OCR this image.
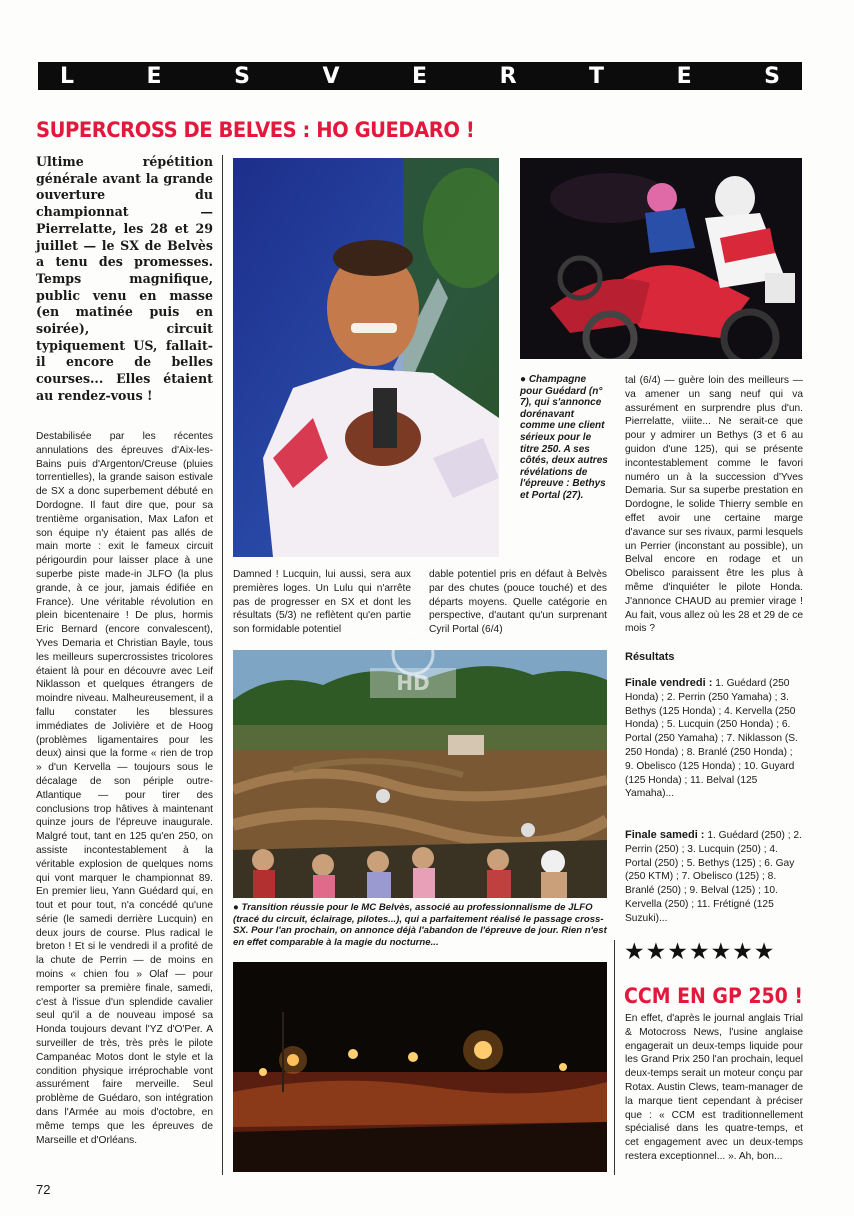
L	E	S	V	E	R	T	E	S
SUPERCROSS DE BELVES : HO GUEDARO !

Ultime répétition générale avant la grande ouverture du championnat — Pierrelatte, les 28 et 29 juillet — le SX de Belvès a tenu des promesses. Temps magnifique, public venu en masse (en matinée puis en soirée), circuit typiquement US, fallait-il encore de belles courses... Elles étaient au rendez-vous !

Destabilisée par les récentes annulations des épreuves d'Aix-les-Bains puis d'Argenton/Creuse (pluies torrentielles), la grande saison estivale de SX a donc superbement débuté en Dordogne. Il faut dire que, pour sa trentième organisation, Max Lafon et son équipe n'y étaient pas allés de main morte : exit le fameux circuit périgourdin pour laisser place à une superbe piste made-in JLFO (la plus grande, à ce jour, jamais édifiée en France). Une véritable révolution en plein bicentenaire ! De plus, hormis Eric Bernard (encore convalescent), Yves Demaria et Christian Bayle, tous les meilleurs supercrossistes tricolores étaient là pour en découvre avec Leif Niklasson et quelques étrangers de moindre niveau. Malheureusement, il a fallu constater les blessures immédiates de Jolivière et de Hoog (problèmes ligamentaires pour les deux) ainsi que la forme « rien de trop » d'un Kervella — toujours sous le décalage de son périple outre-Atlantique — pour tirer des conclusions trop hâtives à maintenant quinze jours de l'épreuve inaugurale. Malgré tout, tant en 125 qu'en 250, on assiste incontestablement à la véritable explosion de quelques noms qui vont marquer le championnat 89. En premier lieu, Yann Guédard qui, en tout et pour tout, n'a concédé qu'une série (le samedi derrière Lucquin) en deux jours de course. Plus radical le breton ! Et si le vendredi il a profité de la chute de Perrin — de moins en moins « chien fou » Olaf — pour remporter sa première finale, samedi, c'est à l'issue d'un splendide cavalier seul qu'il a de nouveau imposé sa Honda toujours devant l'YZ d'O'Per. A surveiller de très, très près le pilote Campanéac Motos dont le style et la condition physique irréprochable vont assurément faire merveille. Seul problème de Guédaro, son intégration dans l'Armée au mois d'octobre, en même temps que les épreuves de Marseille et d'Orléans.

● Champagne pour Guédard (n° 7), qui s'annonce dorénavant comme une client sérieux pour le titre 250. A ses côtés, deux autres révélations de l'épreuve : Bethys et Portal (27).

tal (6/4) — guère loin des meilleurs — va amener un sang neuf qui va assurément en surprendre plus d'un. Pierrelatte, viiite... Ne serait-ce que pour y admirer un Bethys (3 et 6 au guidon d'une 125), qui se présente incontestablement comme le favori numéro un à la succession d'Yves Demaria. Sur sa superbe prestation en Dordogne, le solide Thierry semble en effet avoir une certaine marge d'avance sur ses rivaux, parmi lesquels un Perrier (inconstant au possible), un Belval encore en rodage et un Obelisco paraissent être les plus à même d'inquiéter le pilote Honda. J'annonce CHAUD au premier virage ! Au fait, vous allez où les 28 et 29 de ce mois ?

Damned ! Lucquin, lui aussi, sera aux premières loges. Un Lulu qui n'arrête pas de progresser en SX et dont les résultats (5/3) ne reflètent qu'en partie son formidable potentiel

dable potentiel pris en défaut à Belvès par des chutes (pouce touché) et des départs moyens. Quelle catégorie en perspective, d'autant qu'un surprenant Cyril Portal (6/4)

HD

● Transition réussie pour le MC Belvès, associé au professionnalisme de JLFO (tracé du circuit, éclairage, pilotes...), qui a parfaitement réalisé le passage cross-SX. Pour l'an prochain, on annonce déjà l'abandon de l'épreuve de jour. Rien n'est en effet comparable à la magie du nocturne...

Résultats

Finale vendredi : 1. Guédard (250 Honda) ; 2. Perrin (250 Yamaha) ; 3. Bethys (125 Honda) ; 4. Kervella (250 Honda) ; 5. Lucquin (250 Honda) ; 6. Portal (250 Yamaha) ; 7. Niklasson (S. 250 Honda) ; 8. Branlé (250 Honda) ; 9. Obelisco (125 Honda) ; 10. Guyard (125 Honda) ; 11. Belval (125 Yamaha)...

Finale samedi : 1. Guédard (250) ; 2. Perrin (250) ; 3. Lucquin (250) ; 4. Portal (250) ; 5. Bethys (125) ; 6. Gay (250 KTM) ; 7. Obelisco (125) ; 8. Branlé (250) ; 9. Belval (125) ; 10. Kervella (250) ; 11. Frétigné (125 Suzuki)...

★★★★★★★
CCM EN GP 250 !

En effet, d'après le journal anglais Trial & Motocross News, l'usine anglaise engagerait un deux-temps liquide pour les Grand Prix 250 l'an prochain, lequel deux-temps serait un moteur conçu par Rotax. Austin Clews, team-manager de la marque tient cependant à préciser que : « CCM est traditionnellement spécialisé dans les quatre-temps, et cet engagement avec un deux-temps restera exceptionnel... ». Ah, bon...

72
